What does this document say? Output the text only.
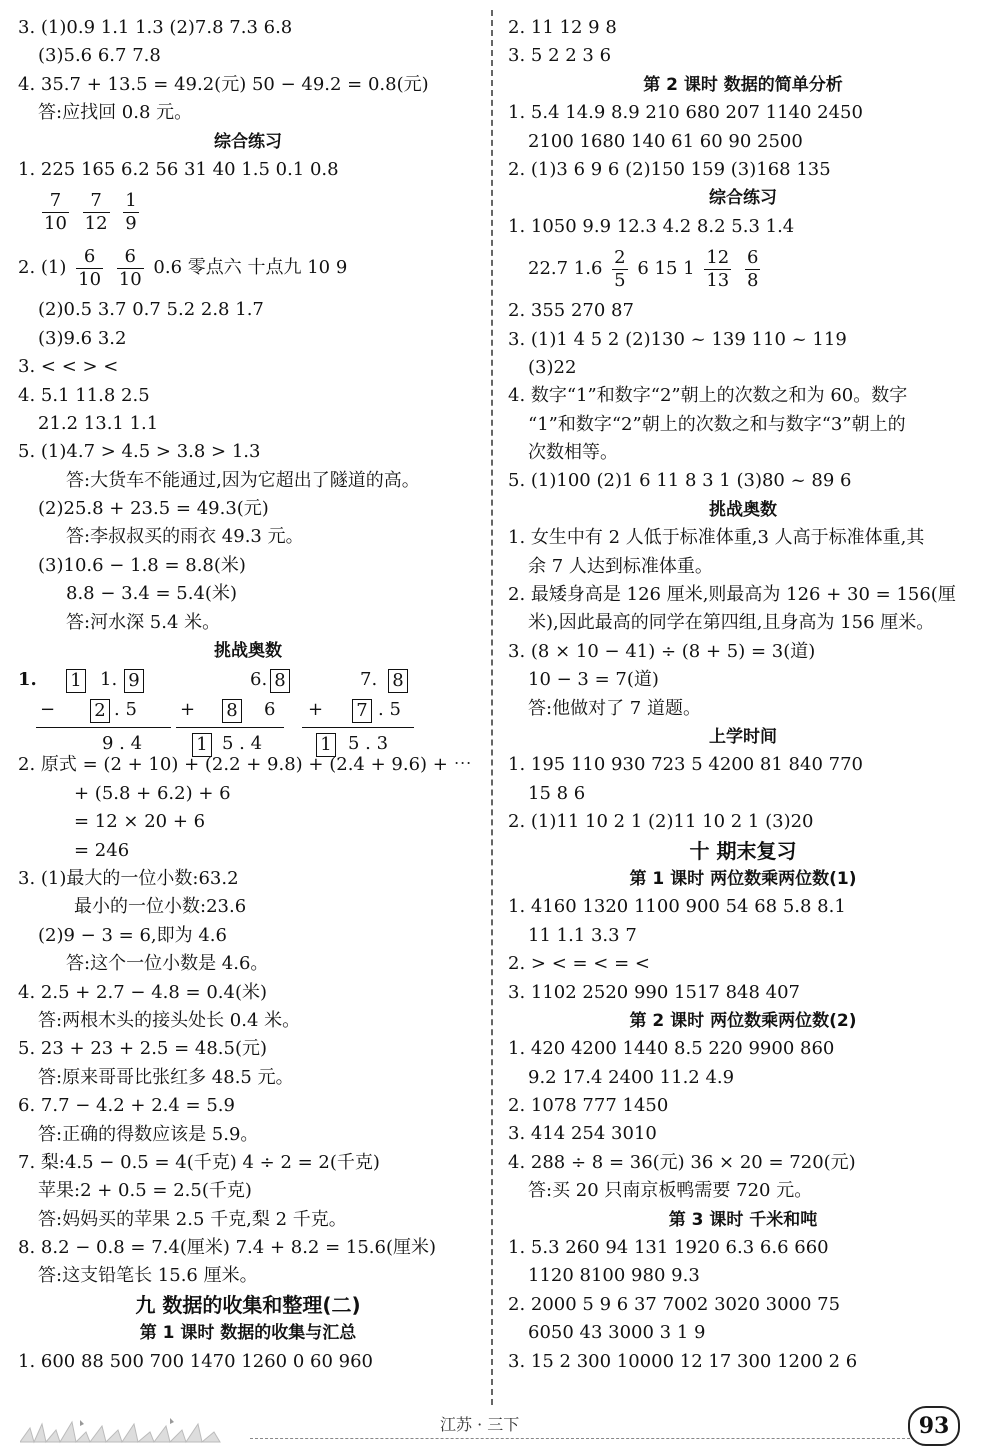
3. (1)0.9 1.1 1.3 (2)7.8 7.3 6.8
(3)5.6 6.7 7.8
4. 35.7 + 13.5 = 49.2(元) 50 − 49.2 = 0.8(元)
答:应找回 0.8 元。
综合练习
1. 225 165 6.2 56 31 40 1.5 0.1 0.8
$\frac{7}{10}$
$\frac{7}{12}$
$\frac{1}{9}$
2. $(1) \frac{6}{10}$
$\frac{6}{10} 0.6$ 零点六 十点九 10 9
(2)0.5 3.7 0.7 5.2 2.8 1.7
(3)9.6 3.2
3. < < > <
4. 5.1 11.8 2.5
21.2 13.1 1.1
5. (1)4.7 > 4.5 > 3.8 > 1.3
答:大货车不能通过,因为它超出了隧道的高。
(2)25.8 + 23.5 = 49.3(元)
答:李叔叔买的雨衣 49.3 元。
(3)10.6 − 1.8 = 8.8(米)
8.8 − 3.4 = 5.4(米)
答:河水深 5.4 米。
挑战奥数
1. 1 1. 9
− 2 . 5
9 . 4
6. 8
+ 8 6
1 5 . 4
7. 8
+ 7 . 5
1 5 . 3
2. 原式 = (2 + 10) + (2.2 + 9.8) + (2.4 + 9.6) + ⋯
+ (5.8 + 6.2) + 6
= 12 × 20 + 6
= 246
3. (1)最大的一位小数:63.2
最小的一位小数:23.6
(2)9 − 3 = 6,即为 4.6
答:这个一位小数是 4.6。
4. 2.5 + 2.7 − 4.8 = 0.4(米)
答:两根木头的接头处长 0.4 米。
5. 23 + 23 + 2.5 = 48.5(元)
答:原来哥哥比张红多 48.5 元。
6. 7.7 − 4.2 + 2.4 = 5.9
答:正确的得数应该是 5.9。
7. 梨:4.5 − 0.5 = 4(千克) 4 ÷ 2 = 2(千克)
苹果:2 + 0.5 = 2.5(千克)
答:妈妈买的苹果 2.5 千克,梨 2 千克。
8. 8.2 − 0.8 = 7.4(厘米) 7.4 + 8.2 = 15.6(厘米)
答:这支铅笔长 15.6 厘米。
九 数据的收集和整理(二)
第 1 课时 数据的收集与汇总
1. 600 88 500 700 1470 1260 0 60 960
2. 11 12 9 8
3. 5 2 2 3 6
第 2 课时 数据的简单分析
1. 5.4 14.9 8.9 210 680 207 1140 2450
2100 1680 140 61 60 90 2500
2. (1)3 6 9 6 (2)150 159 (3)168 135
综合练习
1. 1050 9.9 12.3 4.2 8.2 5.3 1.4
22.7 $1.6 \frac{2}{5} 6$ 15 $1 \frac{12}{13}$
$\frac{6}{8}$
2. 355 270 87
3. (1)1 4 5 2 (2)130 ~ 139 110 ~ 119
(3)22
4. 数字“1”和数字“2”朝上的次数之和为 60。数字
“1”和数字“2”朝上的次数之和与数字“3”朝上的
次数相等。
5. (1)100 (2)1 6 11 8 3 1 (3)80 ~ 89 6
挑战奥数
1. 女生中有 2 人低于标准体重,3 人高于标准体重,其
余 7 人达到标准体重。
2. 最矮身高是 126 厘米,则最高为 126 + 30 = 156(厘
米),因此最高的同学在第四组,且身高为 156 厘米。
3. (8 × 10 − 41) ÷ (8 + 5) = 3(道)
10 − 3 = 7(道)
答:他做对了 7 道题。
上学时间
1. 195 110 930 723 5 4200 81 840 770
15 8 6
2. (1)11 10 2 1 (2)11 10 2 1 (3)20
十 期末复习
第 1 课时 两位数乘两位数(1)
1. 4160 1320 1100 900 54 68 5.8 8.1
11 1.1 3.3 7
2. > < = < = <
3. 1102 2520 990 1517 848 407
第 2 课时 两位数乘两位数(2)
1. 420 4200 1440 8.5 220 9900 860
9.2 17.4 2400 11.2 4.9
2. 1078 777 1450
3. 414 254 3010
4. 288 ÷ 8 = 36(元) 36 × 20 = 720(元)
答:买 20 只南京板鸭需要 720 元。
第 3 课时 千米和吨
1. 5.3 260 94 131 1920 6.3 6.6 660
1120 8100 980 9.3
2. 2000 5 9 6 37 7002 3020 3000 75
6050 43 3000 3 1 9
3. 15 2 300 10000 12 17 300 1200 2 6
江苏 · 三下	93
